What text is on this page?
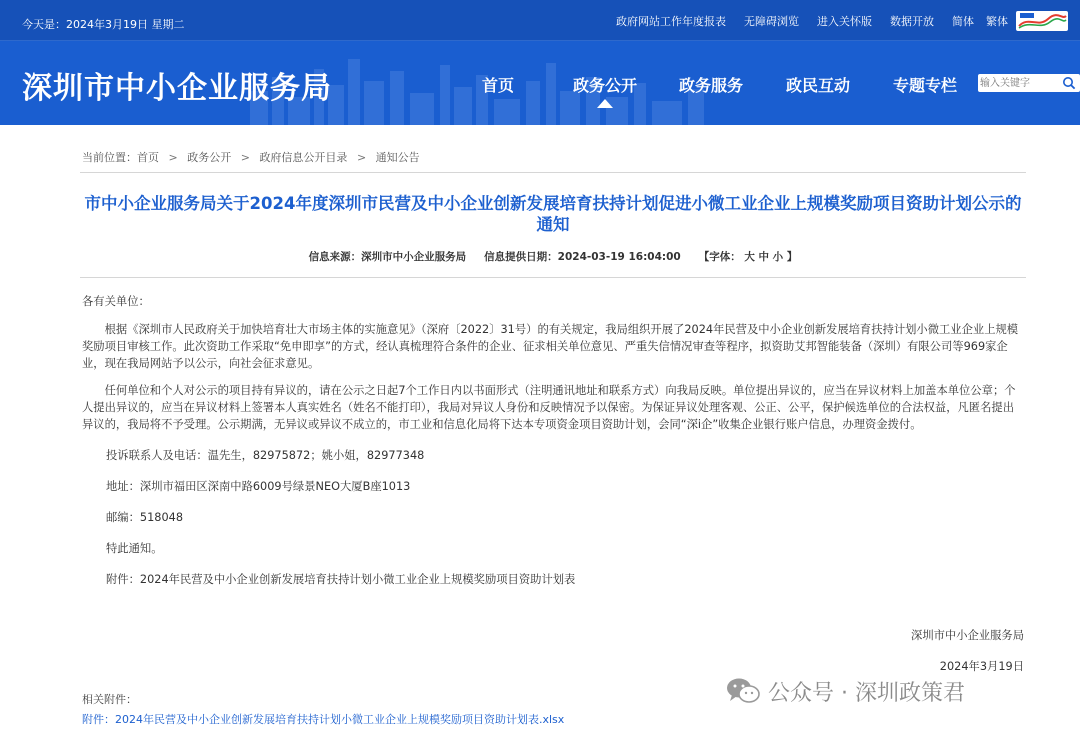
今天是：2024年3月19日 星期二	政府网站工作年度报表 无障碍浏览 进入关怀版 数据开放 简体 繁体
深圳市中小企业服务局	首页	政务公开	政务服务	政民互动	专题专栏
输入关键字
当前位置：首页 > 政务公开 > 政府信息公开目录 > 通知公告
市中小企业服务局关于2024年度深圳市民营及中小企业创新发展培育扶持计划促进小微工业企业上规模奖励项目资助计划公示的通知
信息来源：深圳市中小企业服务局 信息提供日期：2024-03-19 16:04:00 【字体： 大 中 小 】

各有关单位：

根据《深圳市人民政府关于加快培育壮大市场主体的实施意见》（深府〔2022〕31号）的有关规定，我局组织开展了2024年民营及中小企业创新发展培育扶持计划小微工业企业上规模奖励项目审核工作。此次资助工作采取“免申即享”的方式，经认真梳理符合条件的企业、征求相关单位意见、严重失信情况审查等程序，拟资助艾邦智能装备（深圳）有限公司等969家企业，现在我局网站予以公示，向社会征求意见。

任何单位和个人对公示的项目持有异议的，请在公示之日起7个工作日内以书面形式（注明通讯地址和联系方式）向我局反映。单位提出异议的，应当在异议材料上加盖本单位公章；个人提出异议的，应当在异议材料上签署本人真实姓名（姓名不能打印），我局对异议人身份和反映情况予以保密。为保证异议处理客观、公正、公平，保护候选单位的合法权益，凡匿名提出异议的，我局将不予受理。公示期满，无异议或异议不成立的，市工业和信息化局将下达本专项资金项目资助计划，会同“深i企”收集企业银行账户信息，办理资金拨付。

投诉联系人及电话：温先生，82975872；姚小姐，82977348

地址：深圳市福田区深南中路6009号绿景NEO大厦B座1013

邮编：518048

特此通知。

附件：2024年民营及中小企业创新发展培育扶持计划小微工业企业上规模奖励项目资助计划表

深圳市中小企业服务局
2024年3月19日
相关附件：
附件：2024年民营及中小企业创新发展培育扶持计划小微工业企业上规模奖励项目资助计划表.xlsx
公众号 · 深圳政策君
